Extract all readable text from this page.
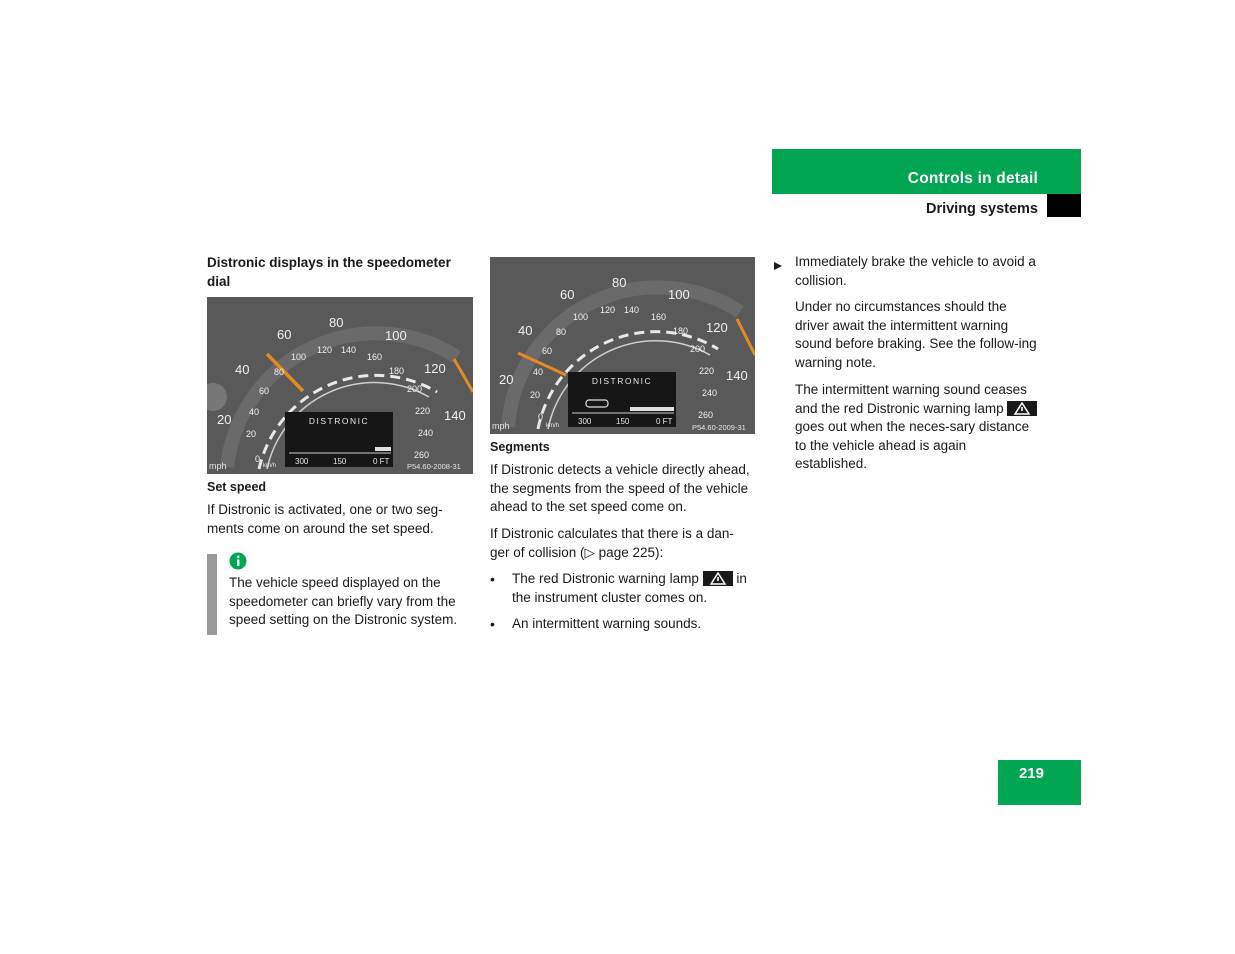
Controls in detail
Driving systems
Distronic displays in the speedometer dial
20
40
60
80
100
120
140
0
20
40
60
80
100
120 140
160
180
200
220
240
260
DISTRONIC
300	150	0 FT
mph	km/h	P54.60-2008-31
Set speed

If Distronic is activated, one or two seg-ments come on around the set speed.

The vehicle speed displayed on the speedometer can briefly vary from the speed setting on the Distronic system.

20
40
60
80
100
120
140
0
20
40
60
80
100
120 140
160
180
200
220
240
260
DISTRONIC
300	150	0 FT
mph	km/h	P54.60-2009-31
Segments

If Distronic detects a vehicle directly ahead, the segments from the speed of the vehicle ahead to the set speed come on.

If Distronic calculates that there is a dan-ger of collision (▷ page 225):

• The red Distronic warning lamp	in the instrument cluster comes on.

• An intermittent warning sounds.

Immediately brake the vehicle to avoid a collision.

Under no circumstances should the driver await the intermittent warning sound before braking. See the follow-ing warning note.

The intermittent warning sound ceases and the red Distronic warning lamp
goes out when the neces-sary distance to the vehicle ahead is again established.

219
